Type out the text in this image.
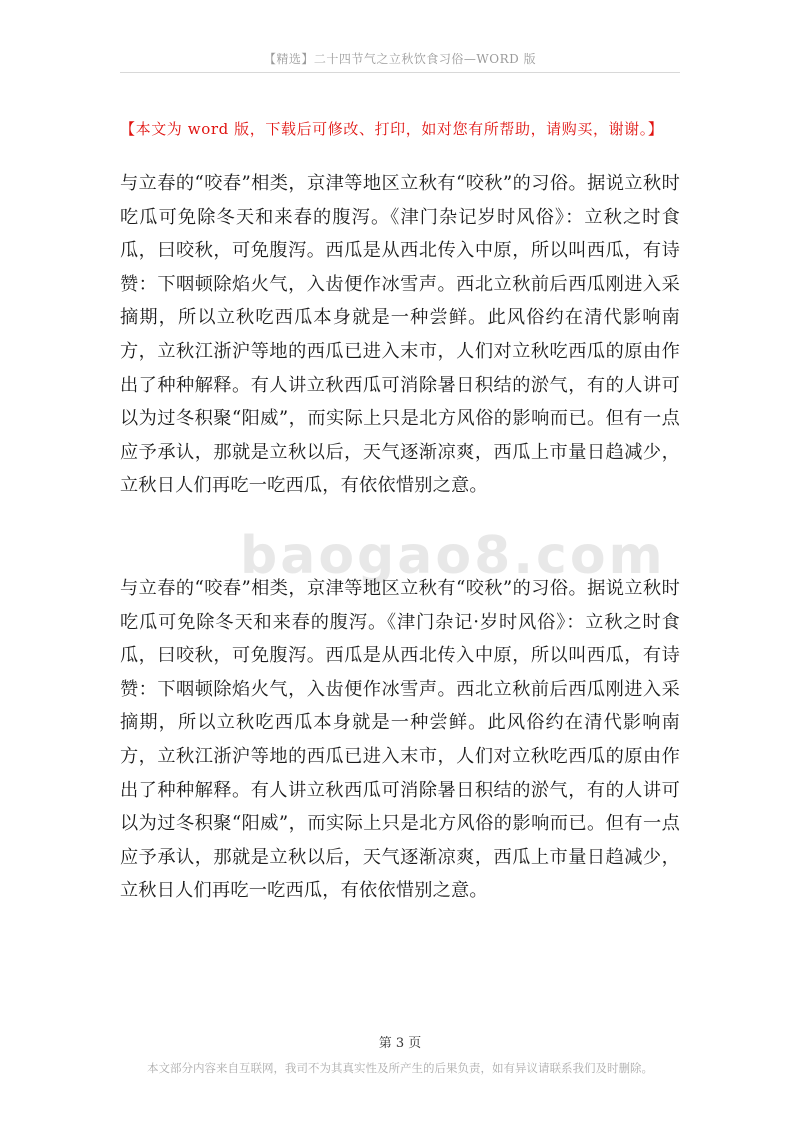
【精选】二十四节气之立秋饮食习俗—WORD 版
【本文为 word 版，下载后可修改、打印，如对您有所帮助，请购买，谢谢。】
baogao8.com
与立春的“咬春”相类，京津等地区立秋有“咬秋”的习俗。据说立秋时吃瓜可免除冬天和来春的腹泻。《津门杂记岁时风俗》：立秋之时食瓜，曰咬秋，可免腹泻。西瓜是从西北传入中原，所以叫西瓜，有诗赞：下咽顿除焰火气，入齿便作冰雪声。西北立秋前后西瓜刚进入采摘期，所以立秋吃西瓜本身就是一种尝鲜。此风俗约在清代影响南方，立秋江浙沪等地的西瓜已进入末市，人们对立秋吃西瓜的原由作出了种种解释。有人讲立秋西瓜可消除暑日积结的淤气，有的人讲可以为过冬积聚“阳威”，而实际上只是北方风俗的影响而已。但有一点应予承认，那就是立秋以后，天气逐渐凉爽，西瓜上市量日趋减少，立秋日人们再吃一吃西瓜，有依依惜别之意。
与立春的“咬春”相类，京津等地区立秋有“咬秋”的习俗。据说立秋时吃瓜可免除冬天和来春的腹泻。《津门杂记·岁时风俗》：立秋之时食瓜，曰咬秋，可免腹泻。西瓜是从西北传入中原，所以叫西瓜，有诗赞：下咽顿除焰火气，入齿便作冰雪声。西北立秋前后西瓜刚进入采摘期，所以立秋吃西瓜本身就是一种尝鲜。此风俗约在清代影响南方，立秋江浙沪等地的西瓜已进入末市，人们对立秋吃西瓜的原由作出了种种解释。有人讲立秋西瓜可消除暑日积结的淤气，有的人讲可以为过冬积聚“阳威”，而实际上只是北方风俗的影响而已。但有一点应予承认，那就是立秋以后，天气逐渐凉爽，西瓜上市量日趋减少，立秋日人们再吃一吃西瓜，有依依惜别之意。
第 3 页
本文部分内容来自互联网，我司不为其真实性及所产生的后果负责，如有异议请联系我们及时删除。
